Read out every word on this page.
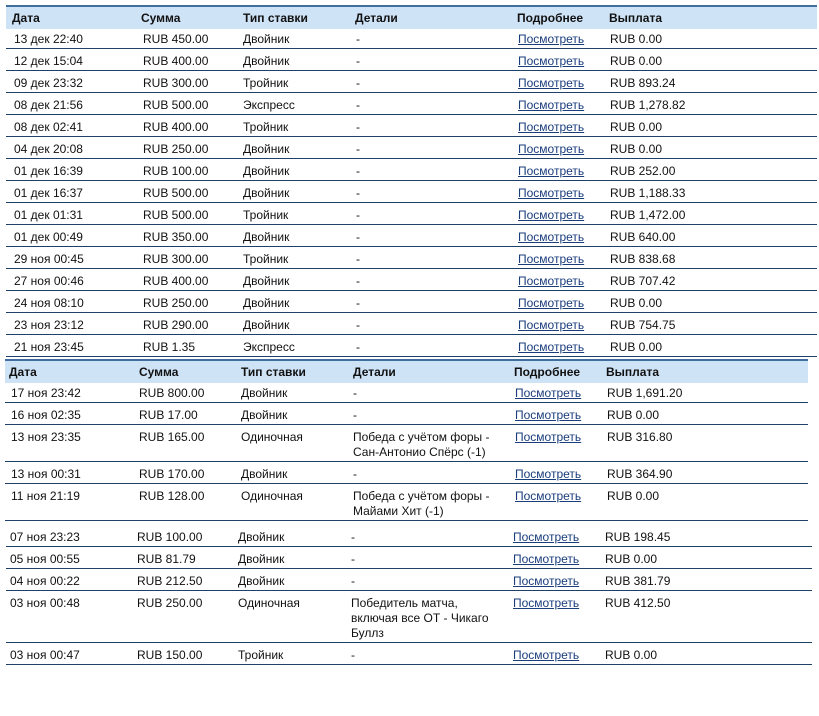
Дата	Сумма	Тип ставки	Детали	Подробнее Выплата
13 дек 22:40	RUB 450.00	Двойник	-	Посмотреть RUB 0.00
12 дек 15:04	RUB 400.00	Двойник	-	Посмотреть RUB 0.00
09 дек 23:32	RUB 300.00	Тройник	-	Посмотреть RUB 893.24
08 дек 21:56	RUB 500.00	Экспресс	-	Посмотреть RUB 1,278.82
08 дек 02:41	RUB 400.00	Тройник	-	Посмотреть RUB 0.00
04 дек 20:08	RUB 250.00	Двойник	-	Посмотреть RUB 0.00
01 дек 16:39	RUB 100.00	Двойник	-	Посмотреть RUB 252.00
01 дек 16:37	RUB 500.00	Двойник	-	Посмотреть RUB 1,188.33
01 дек 01:31	RUB 500.00	Тройник	-	Посмотреть RUB 1,472.00
01 дек 00:49	RUB 350.00	Двойник	-	Посмотреть RUB 640.00
29 ноя 00:45	RUB 300.00	Тройник	-	Посмотреть RUB 838.68
27 ноя 00:46	RUB 400.00	Двойник	-	Посмотреть RUB 707.42
24 ноя 08:10	RUB 250.00	Двойник	-	Посмотреть RUB 0.00
23 ноя 23:12	RUB 290.00	Двойник	-	Посмотреть RUB 754.75
21 ноя 23:45	RUB 1.35	Экспресс	-	Посмотреть RUB 0.00
Дата	Сумма	Тип ставки	Детали	Подробнее Выплата
17 ноя 23:42	RUB 800.00	Двойник	-	Посмотреть RUB 1,691.20
16 ноя 02:35	RUB 17.00	Двойник	-	Посмотреть RUB 0.00
13 ноя 23:35	RUB 165.00	Одиночная	Победа с учётом форы -
Сан-Антонио Спёрс (-1)
Посмотреть RUB 316.80
13 ноя 00:31	RUB 170.00	Двойник	-	Посмотреть RUB 364.90
11 ноя 21:19	RUB 128.00	Одиночная	Победа с учётом форы -
Майами Хит (-1)
Посмотреть RUB 0.00
07 ноя 23:23	RUB 100.00	Двойник	-	Посмотреть RUB 198.45
05 ноя 00:55	RUB 81.79	Двойник	-	Посмотреть RUB 0.00
04 ноя 00:22	RUB 212.50	Двойник	-	Посмотреть RUB 381.79
03 ноя 00:48	RUB 250.00	Одиночная	Победитель матча,
включая все ОТ - Чикаго
Буллз
Посмотреть RUB 412.50
03 ноя 00:47	RUB 150.00	Тройник	-	Посмотреть RUB 0.00
